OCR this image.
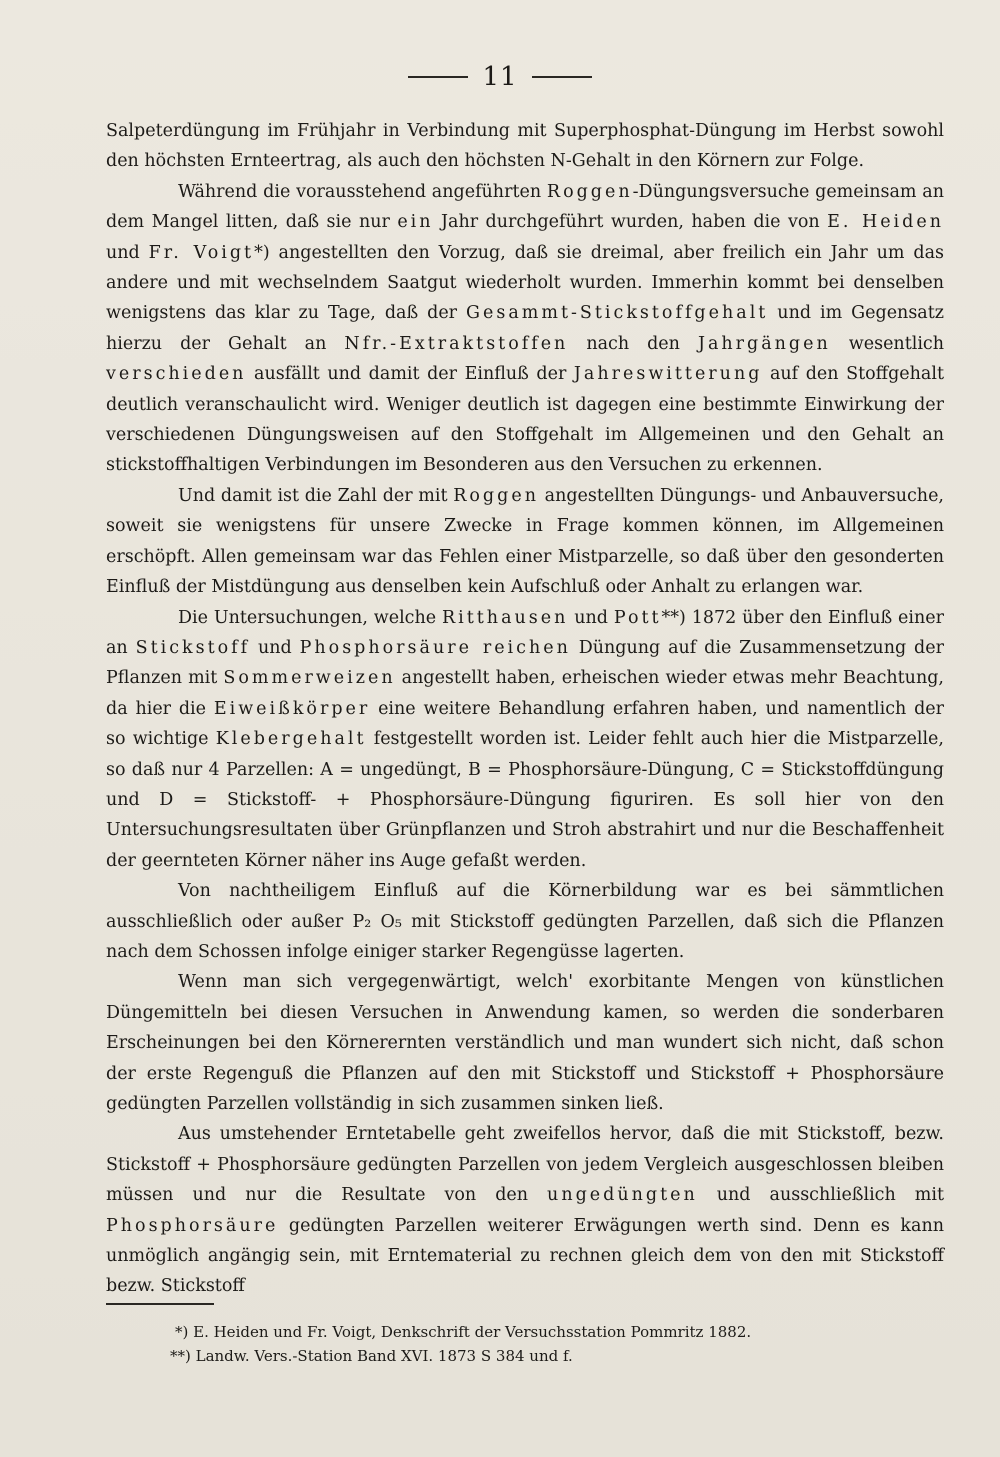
11

Salpeterdüngung im Frühjahr in Verbindung mit Superphosphat-Düngung im Herbst sowohl den höchsten Ernteertrag, als auch den höchsten N-Gehalt in den Körnern zur Folge.

Während die vorausstehend angeführten Roggen-Düngungsversuche gemeinsam an dem Mangel litten, daß sie nur ein Jahr durchgeführt wurden, haben die von E. Heiden und Fr. Voigt*) angestellten den Vorzug, daß sie dreimal, aber freilich ein Jahr um das andere und mit wechselndem Saatgut wiederholt wurden. Immerhin kommt bei denselben wenigstens das klar zu Tage, daß der Gesammt-Stickstoffgehalt und im Gegensatz hierzu der Gehalt an Nfr.-Extraktstoffen nach den Jahrgängen wesentlich verschieden ausfällt und damit der Einfluß der Jahreswitterung auf den Stoffgehalt deutlich veranschaulicht wird. Weniger deutlich ist dagegen eine bestimmte Einwirkung der verschiedenen Düngungsweisen auf den Stoffgehalt im Allgemeinen und den Gehalt an stickstoffhaltigen Verbindungen im Besonderen aus den Versuchen zu erkennen.

Und damit ist die Zahl der mit Roggen angestellten Düngungs- und Anbauversuche, soweit sie wenigstens für unsere Zwecke in Frage kommen können, im Allgemeinen erschöpft. Allen gemeinsam war das Fehlen einer Mistparzelle, so daß über den gesonderten Einfluß der Mistdüngung aus denselben kein Aufschluß oder Anhalt zu erlangen war.

Die Untersuchungen, welche Ritthausen und Pott**) 1872 über den Einfluß einer an Stickstoff und Phosphorsäure reichen Düngung auf die Zusammensetzung der Pflanzen mit Sommerweizen angestellt haben, erheischen wieder etwas mehr Beachtung, da hier die Eiweißkörper eine weitere Behandlung erfahren haben, und namentlich der so wichtige Klebergehalt festgestellt worden ist. Leider fehlt auch hier die Mistparzelle, so daß nur 4 Parzellen: A = ungedüngt, B = Phosphorsäure-Düngung, C = Stickstoffdüngung und D = Stickstoff- + Phosphorsäure-Düngung figuriren. Es soll hier von den Untersuchungsresultaten über Grünpflanzen und Stroh abstrahirt und nur die Beschaffenheit der geernteten Körner näher ins Auge gefaßt werden.

Von nachtheiligem Einfluß auf die Körnerbildung war es bei sämmtlichen ausschließlich oder außer P₂ O₅ mit Stickstoff gedüngten Parzellen, daß sich die Pflanzen nach dem Schossen infolge einiger starker Regengüsse lagerten.

Wenn man sich vergegenwärtigt, welch' exorbitante Mengen von künstlichen Düngemitteln bei diesen Versuchen in Anwendung kamen, so werden die sonderbaren Erscheinungen bei den Körnerernten verständlich und man wundert sich nicht, daß schon der erste Regenguß die Pflanzen auf den mit Stickstoff und Stickstoff + Phosphorsäure gedüngten Parzellen vollständig in sich zusammen sinken ließ.

Aus umstehender Erntetabelle geht zweifellos hervor, daß die mit Stickstoff, bezw. Stickstoff + Phosphorsäure gedüngten Parzellen von jedem Vergleich ausgeschlossen bleiben müssen und nur die Resultate von den ungedüngten und ausschließlich mit Phosphorsäure gedüngten Parzellen weiterer Erwägungen werth sind. Denn es kann unmöglich angängig sein, mit Erntematerial zu rechnen gleich dem von den mit Stickstoff bezw. Stickstoff

*) E. Heiden und Fr. Voigt, Denkschrift der Versuchsstation Pommritz 1882.
**) Landw. Vers.-Station Band XVI. 1873 S 384 und f.
